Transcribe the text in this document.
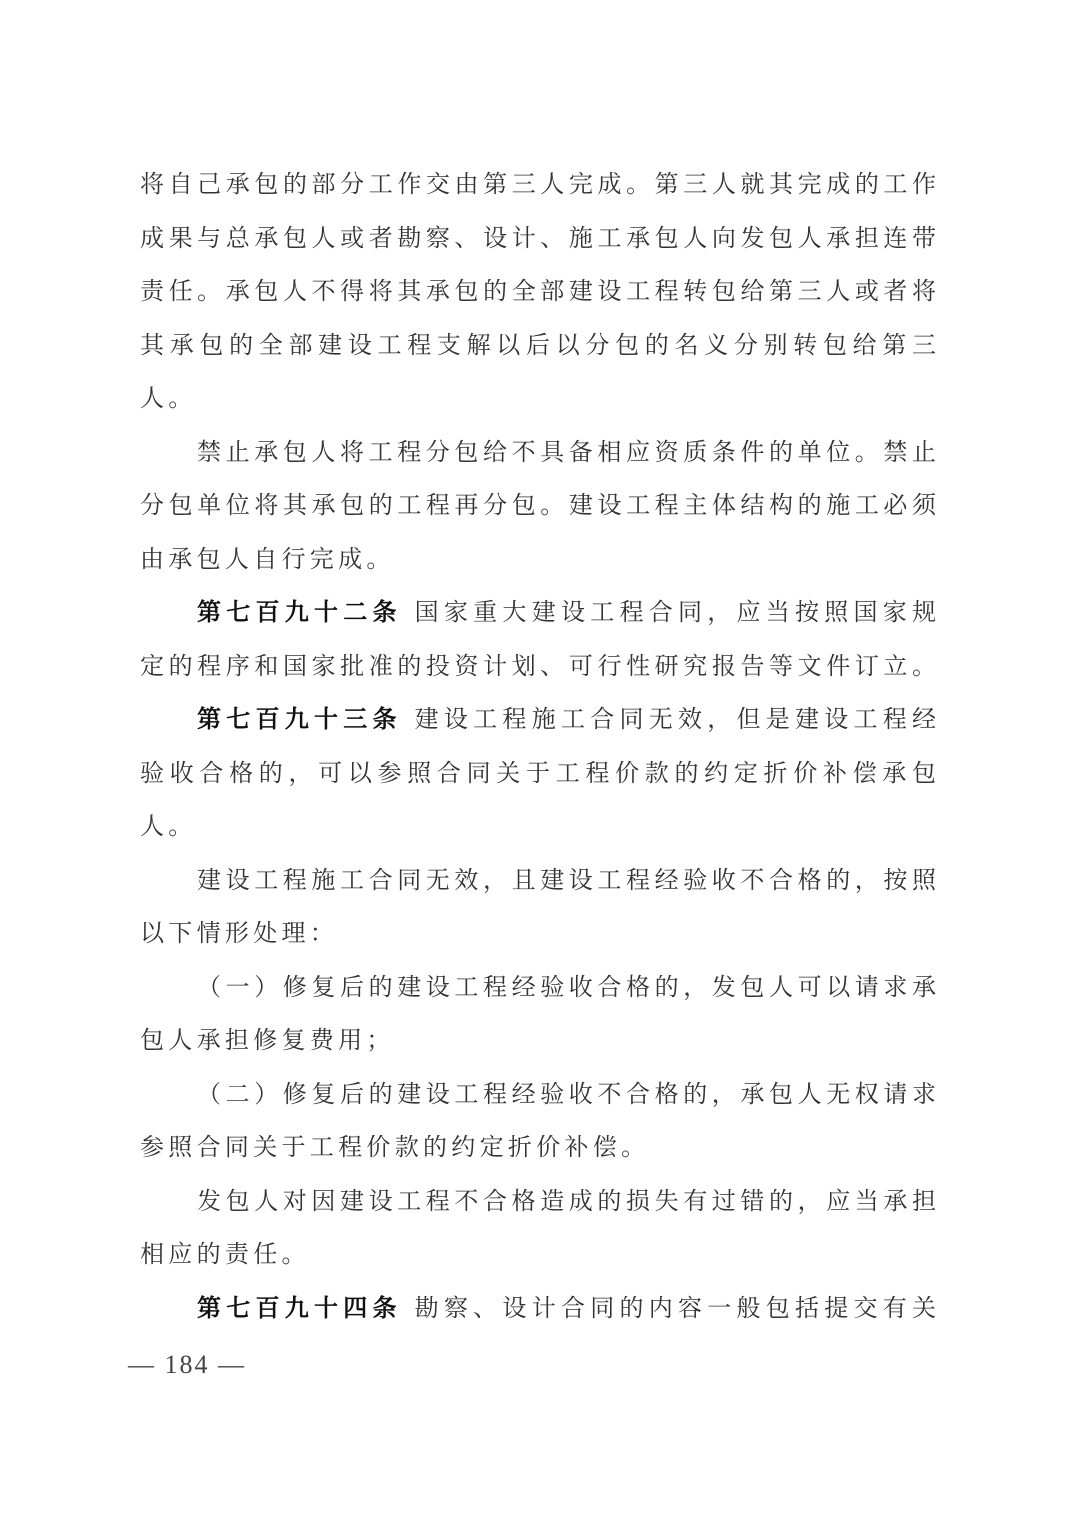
将自己承包的部分工作交由第三人完成。第三人就其完成的工作
成果与总承包人或者勘察、设计、施工承包人向发包人承担连带
责任。承包人不得将其承包的全部建设工程转包给第三人或者将
其承包的全部建设工程支解以后以分包的名义分别转包给第三
人。
禁止承包人将工程分包给不具备相应资质条件的单位。禁止
分包单位将其承包的工程再分包。建设工程主体结构的施工必须
由承包人自行完成。
第七百九十二条 国家重大建设工程合同，应当按照国家规
定的程序和国家批准的投资计划、可行性研究报告等文件订立。
第七百九十三条 建设工程施工合同无效，但是建设工程经
验收合格的，可以参照合同关于工程价款的约定折价补偿承包
人。
建设工程施工合同无效，且建设工程经验收不合格的，按照
以下情形处理：
（一）修复后的建设工程经验收合格的，发包人可以请求承
包人承担修复费用；
（二）修复后的建设工程经验收不合格的，承包人无权请求
参照合同关于工程价款的约定折价补偿。
发包人对因建设工程不合格造成的损失有过错的，应当承担
相应的责任。
第七百九十四条 勘察、设计合同的内容一般包括提交有关
— 184 —
